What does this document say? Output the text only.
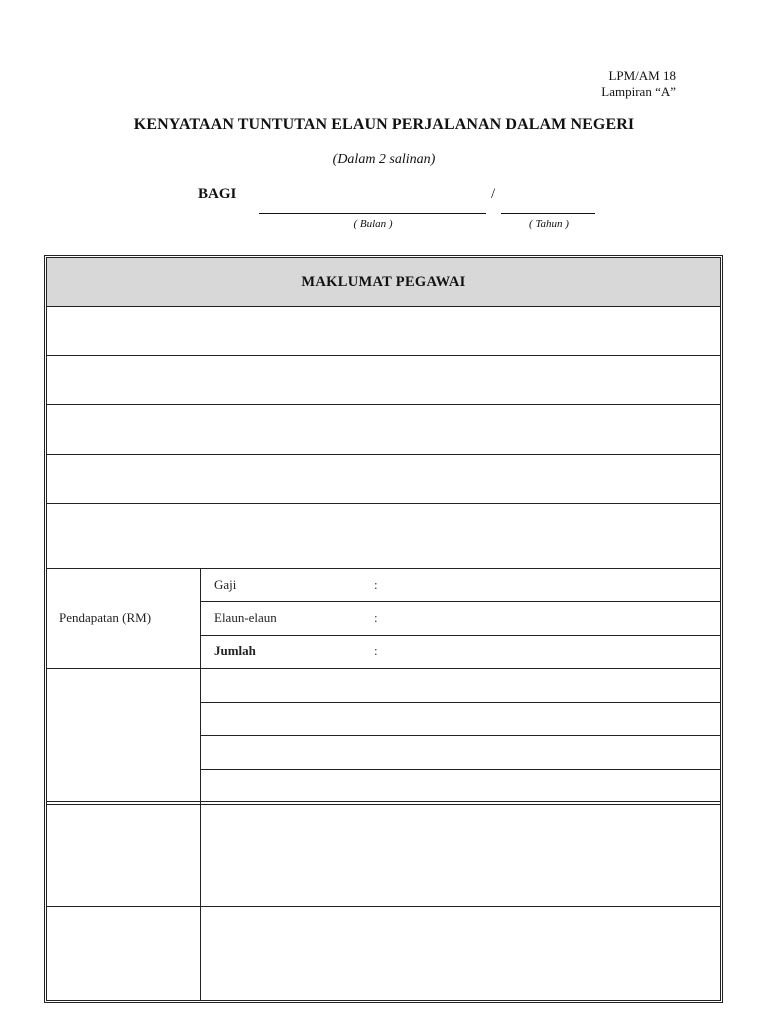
LPM/AM 18
Lampiran “A”
KENYATAAN TUNTUTAN ELAUN PERJALANAN DALAM NEGERI
(Dalam 2 salinan)
BAGI	/
( Bulan )	( Tahun )
MAKLUMAT PEGAWAI
Pendapatan (RM)
Gaji	:
Elaun-elaun	:
Jumlah	:
